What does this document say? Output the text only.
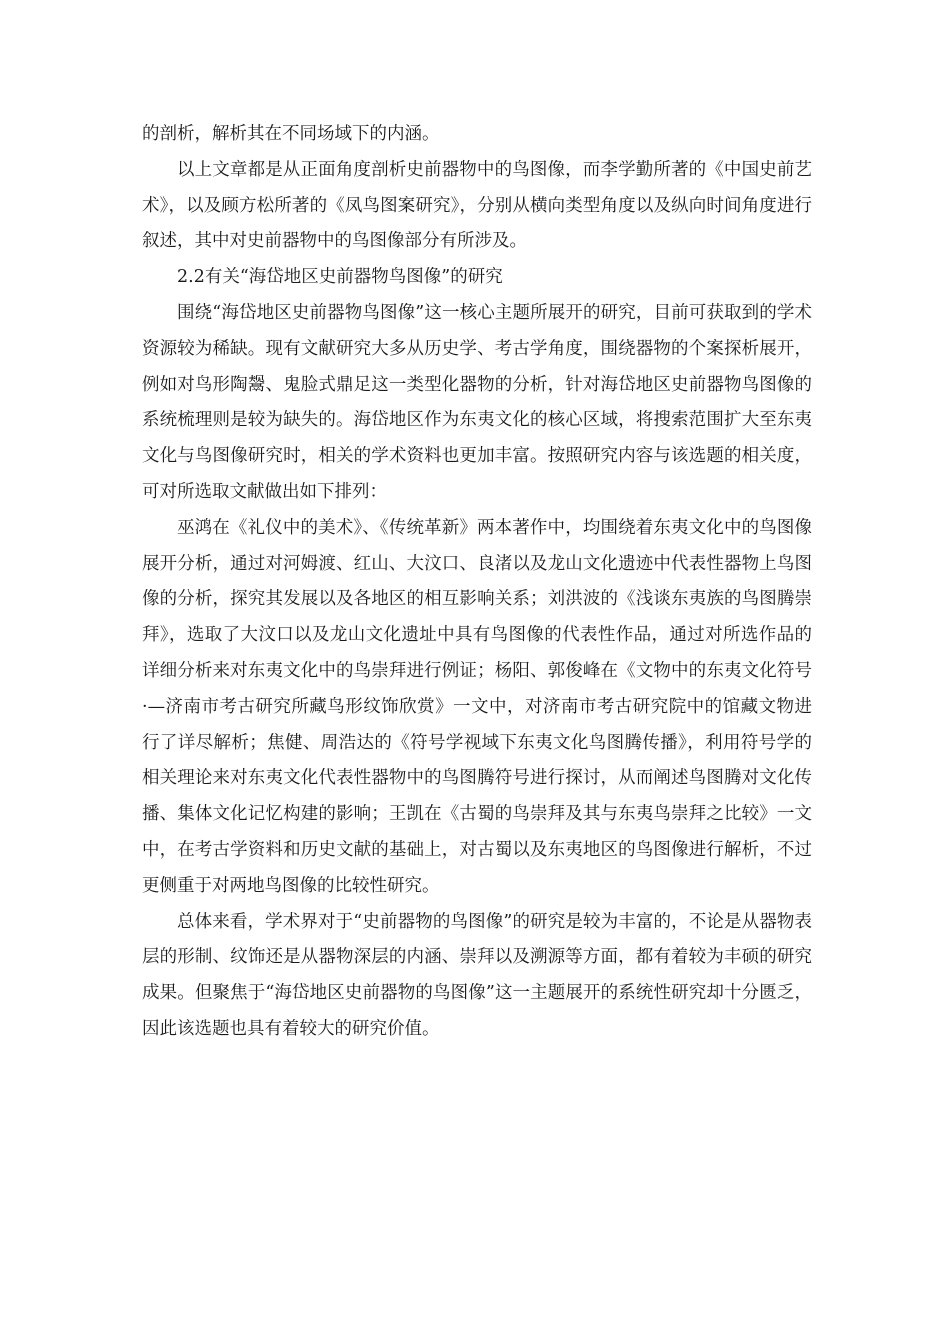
的剖析，解析其在不同场域下的内涵。

以上文章都是从正面角度剖析史前器物中的鸟图像，而李学勤所著的《中国史前艺术》，以及顾方松所著的《凤鸟图案研究》，分别从横向类型角度以及纵向时间角度进行叙述，其中对史前器物中的鸟图像部分有所涉及。

2.2有关“海岱地区史前器物鸟图像”的研究

围绕“海岱地区史前器物鸟图像”这一核心主题所展开的研究，目前可获取到的学术资源较为稀缺。现有文献研究大多从历史学、考古学角度，围绕器物的个案探析展开，例如对鸟形陶鬶、鬼脸式鼎足这一类型化器物的分析，针对海岱地区史前器物鸟图像的系统梳理则是较为缺失的。海岱地区作为东夷文化的核心区域，将搜索范围扩大至东夷文化与鸟图像研究时，相关的学术资料也更加丰富。按照研究内容与该选题的相关度，可对所选取文献做出如下排列：

巫鸿在《礼仪中的美术》、《传统革新》两本著作中，均围绕着东夷文化中的鸟图像展开分析，通过对河姆渡、红山、大汶口、良渚以及龙山文化遗迹中代表性器物上鸟图像的分析，探究其发展以及各地区的相互影响关系；刘洪波的《浅谈东夷族的鸟图腾崇拜》，选取了大汶口以及龙山文化遗址中具有鸟图像的代表性作品，通过对所选作品的详细分析来对东夷文化中的鸟崇拜进行例证；杨阳、郭俊峰在《文物中的东夷文化符号·—济南市考古研究所藏鸟形纹饰欣赏》一文中，对济南市考古研究院中的馆藏文物进行了详尽解析；焦健、周浩达的《符号学视域下东夷文化鸟图腾传播》，利用符号学的相关理论来对东夷文化代表性器物中的鸟图腾符号进行探讨，从而阐述鸟图腾对文化传播、集体文化记忆构建的影响；王凯在《古蜀的鸟崇拜及其与东夷鸟崇拜之比较》一文中，在考古学资料和历史文献的基础上，对古蜀以及东夷地区的鸟图像进行解析，不过更侧重于对两地鸟图像的比较性研究。

总体来看，学术界对于“史前器物的鸟图像”的研究是较为丰富的，不论是从器物表层的形制、纹饰还是从器物深层的内涵、崇拜以及溯源等方面，都有着较为丰硕的研究成果。但聚焦于“海岱地区史前器物的鸟图像”这一主题展开的系统性研究却十分匮乏，因此该选题也具有着较大的研究价值。
